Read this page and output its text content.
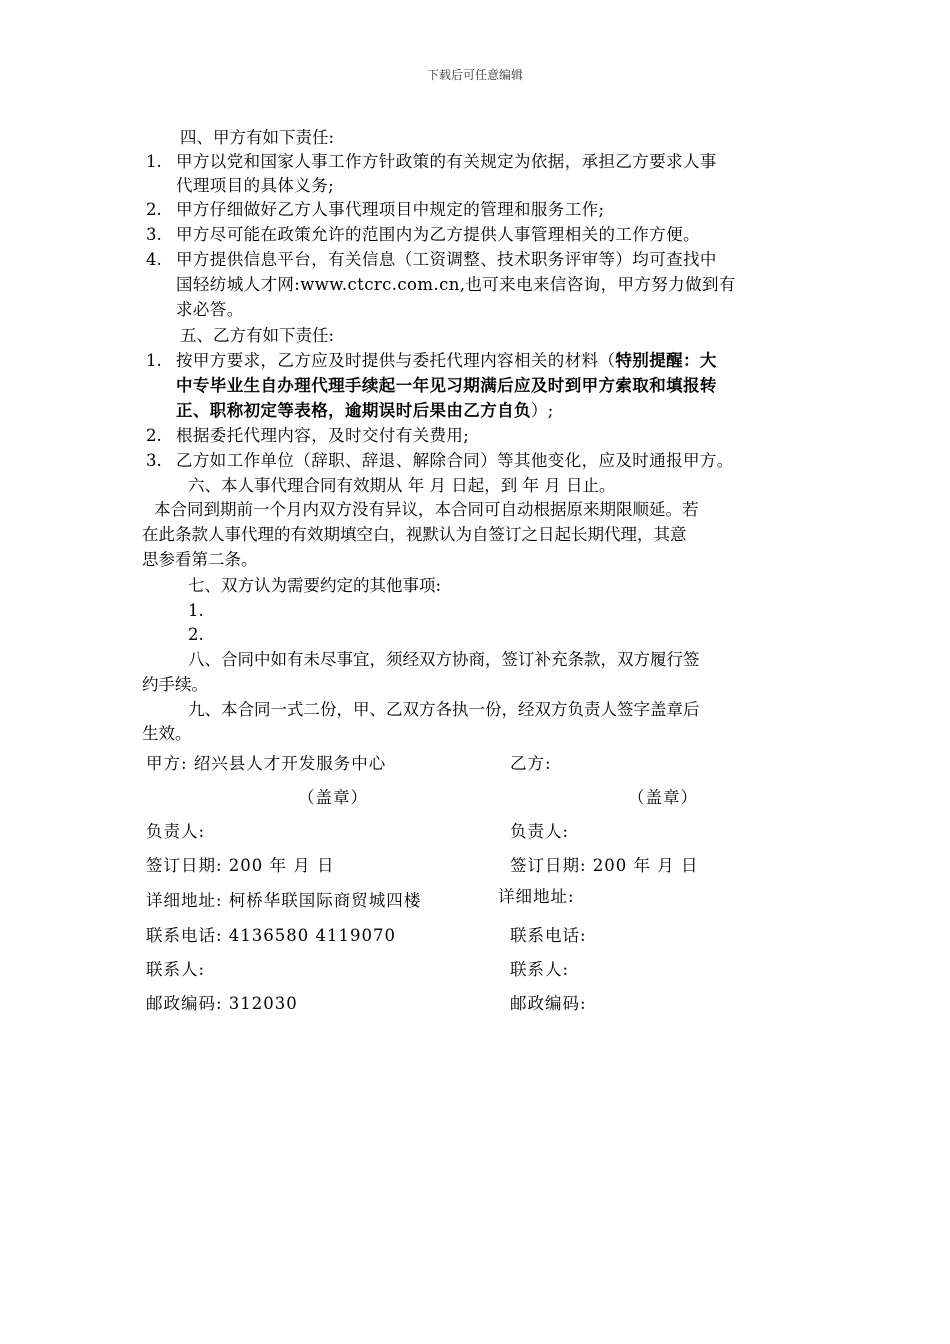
下载后可任意编辑
四、甲方有如下责任:
1. 甲方以党和国家人事工作方针政策的有关规定为依据，承担乙方要求人事
代理项目的具体义务;
2. 甲方仔细做好乙方人事代理项目中规定的管理和服务工作;
3. 甲方尽可能在政策允许的范围内为乙方提供人事管理相关的工作方便。
4. 甲方提供信息平台，有关信息（工资调整、技术职务评审等）均可查找中
国轻纺城人才网:www.ctcrc.com.cn,也可来电来信咨询，甲方努力做到有
求必答。
五、乙方有如下责任:
1. 按甲方要求，乙方应及时提供与委托代理内容相关的材料（特别提醒：大
中专毕业生自办理代理手续起一年见习期满后应及时到甲方索取和填报转
正、职称初定等表格，逾期误时后果由乙方自负）;
2. 根据委托代理内容，及时交付有关费用;
3. 乙方如工作单位（辞职、辞退、解除合同）等其他变化，应及时通报甲方。
六、本人事代理合同有效期从 年 月 日起，到 年 月 日止。
本合同到期前一个月内双方没有异议，本合同可自动根据原来期限顺延。若
在此条款人事代理的有效期填空白，视默认为自签订之日起长期代理，其意
思参看第二条。
七、双方认为需要约定的其他事项:
1.
2.
八、合同中如有未尽事宜，须经双方协商，签订补充条款，双方履行签
约手续。
九、本合同一式二份，甲、乙双方各执一份，经双方负责人签字盖章后
生效。
甲方: 绍兴县人才开发服务中心
（盖章）
负责人:
签订日期: 200 年 月 日
详细地址: 柯桥华联国际商贸城四楼
联系电话: 4136580 4119070
联系人:
邮政编码: 312030
乙方:
（盖章）
负责人:
签订日期: 200 年 月 日
详细地址:
联系电话:
联系人:
邮政编码:
